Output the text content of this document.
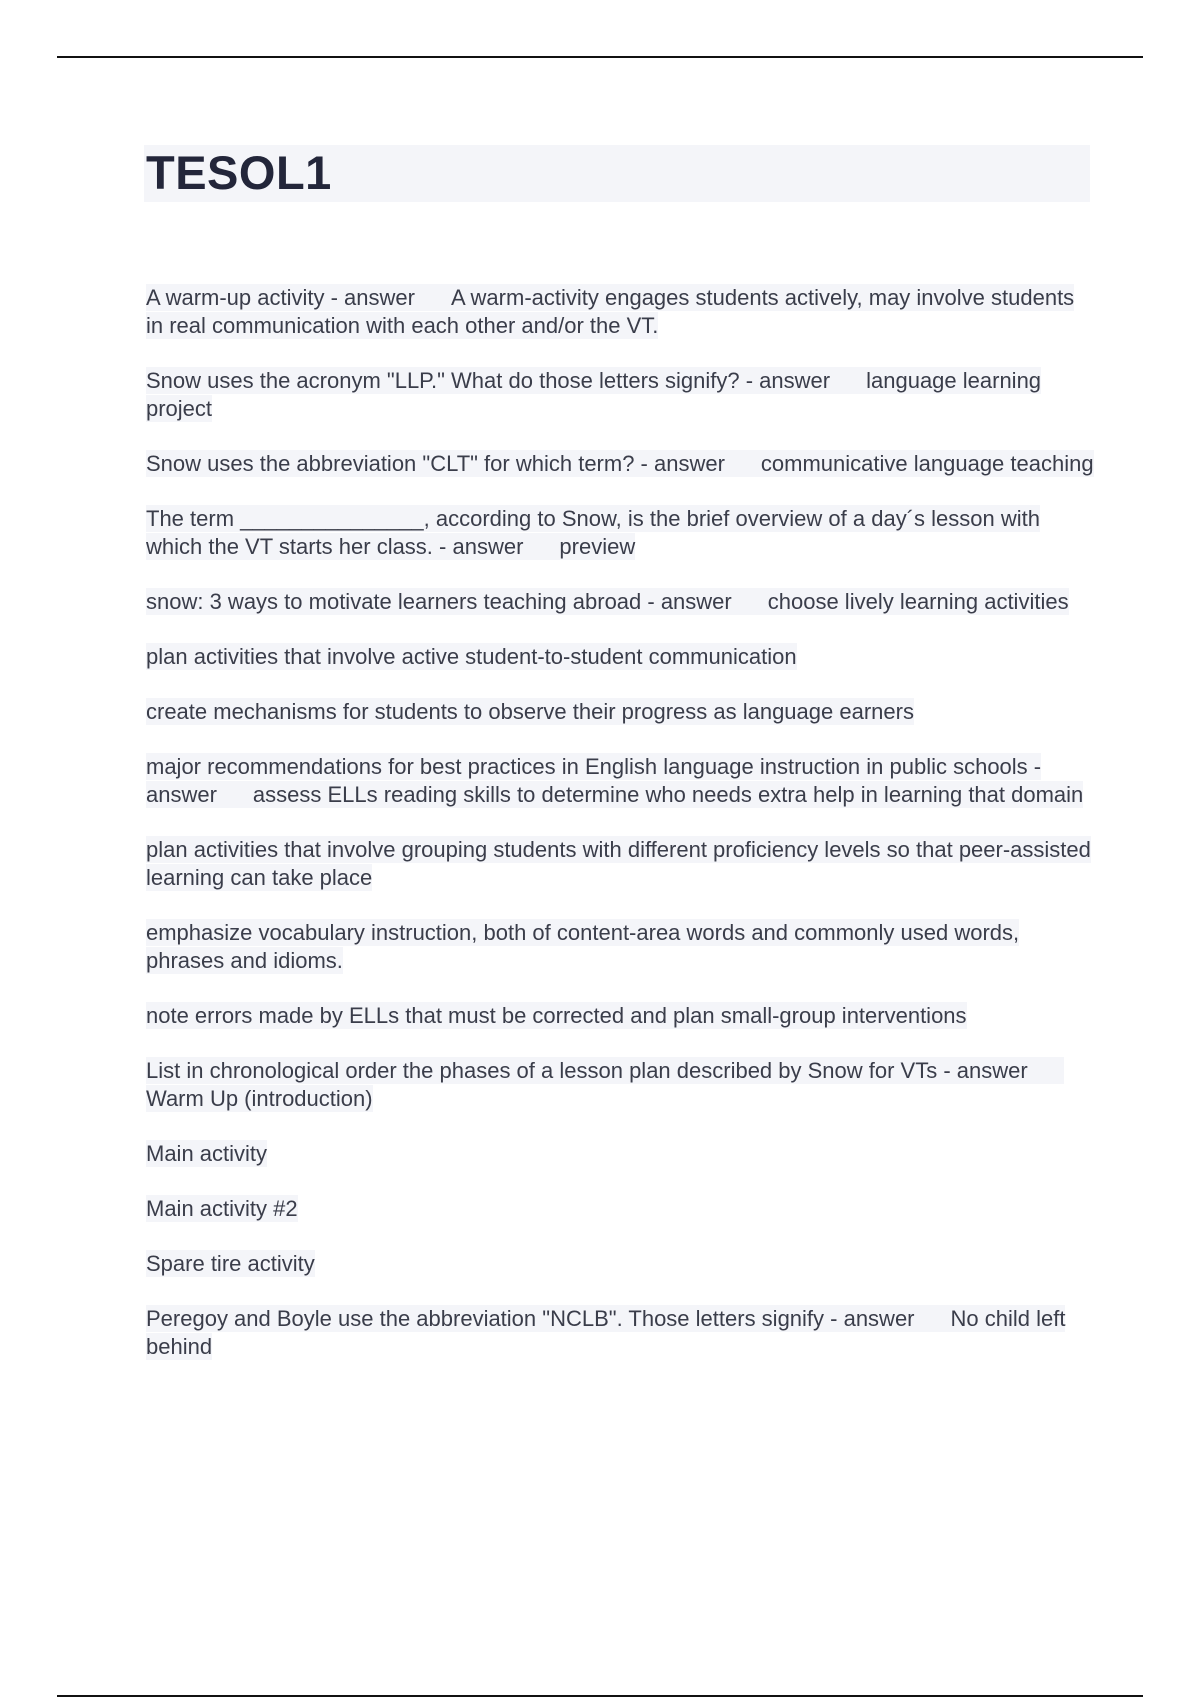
TESOL1

A warm-up activity - answer A warm-activity engages students actively, may involve students in real communication with each other and/or the VT.

Snow uses the acronym "LLP." What do those letters signify? - answer language learning project

Snow uses the abbreviation "CLT" for which term? - answer communicative language teaching

The term _______________, according to Snow, is the brief overview of a day´s lesson with which the VT starts her class. - answer preview

snow: 3 ways to motivate learners teaching abroad - answer choose lively learning activities

plan activities that involve active student-to-student communication

create mechanisms for students to observe their progress as language earners

major recommendations for best practices in English language instruction in public schools - answer assess ELLs reading skills to determine who needs extra help in learning that domain

plan activities that involve grouping students with different proficiency levels so that peer-assisted learning can take place

emphasize vocabulary instruction, both of content-area words and commonly used words, phrases and idioms.

note errors made by ELLs that must be corrected and plan small-group interventions

List in chronological order the phases of a lesson plan described by Snow for VTs - answerWarm Up (introduction)

Main activity

Main activity #2

Spare tire activity

Peregoy and Boyle use the abbreviation "NCLB". Those letters signify - answer No child left behind
